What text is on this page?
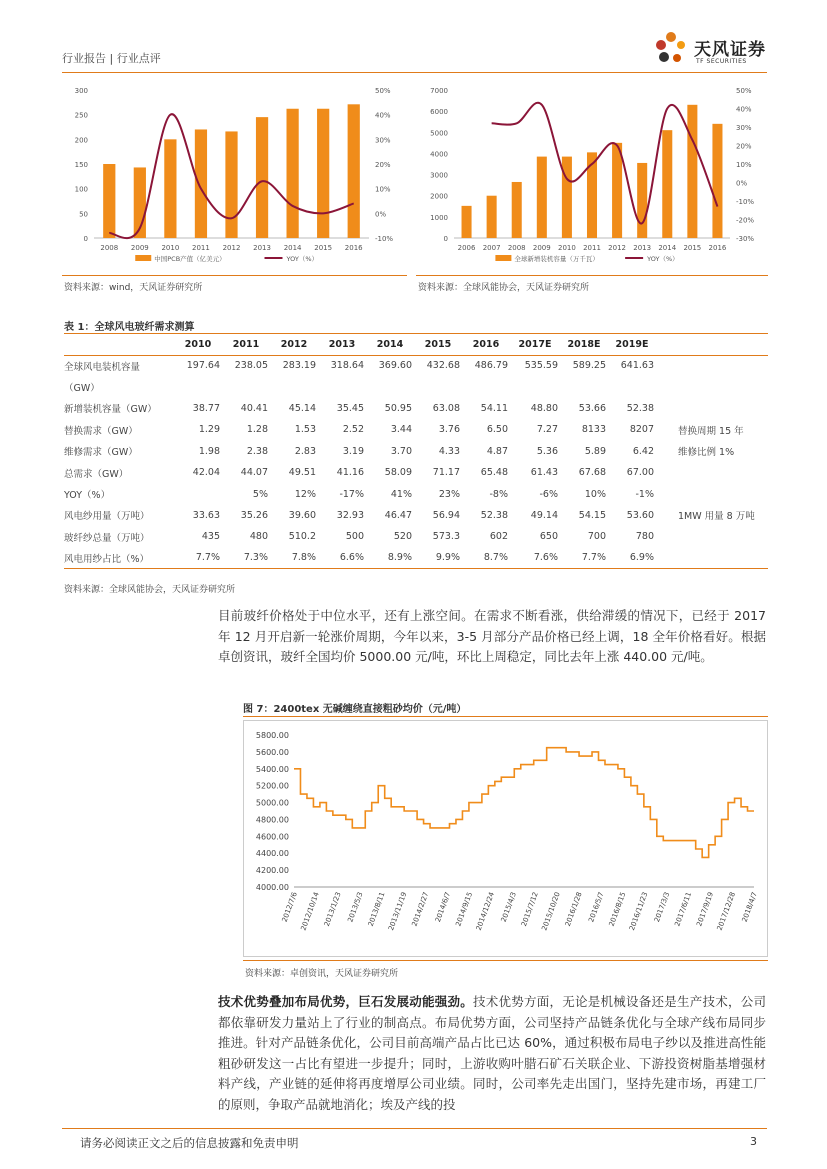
行业报告 | 行业点评	天风证券
TF SECURITIES
0
50
100
150
200
250
300
-10%
0%
10%
20%
30%
40%
50%
2008 2009 2010 2011 2012 2013 2014 2015 2016
中国PCB产值（亿美元）	YOY（%）
资料来源：wind，天风证券研究所
0
1000
2000
3000
4000
5000
6000
7000
-30%
-20%
-10%
0%
10%
20%
30%
40%
50%
2006 2007 2008 2009 2010 2011 2012 2013 2014 2015 2016
全球新增装机容量（万千瓦）	YOY（%）
资料来源：全球风能协会，天风证券研究所
表 1：全球风电玻纤需求测算
	2010	2011	2012	2013	2014	2015	2016	2017E	2018E	2019E	
全球风电装机容量	197.64	238.05	283.19	318.64	369.60	432.68	486.79	535.59	589.25	641.63	
（GW）											
新增装机容量（GW）	38.77	40.41	45.14	35.45	50.95	63.08	54.11	48.80	53.66	52.38	
替换需求（GW）	1.29	1.28	1.53	2.52	3.44	3.76	6.50	7.27	8133	8207	替换周期 15 年
维修需求（GW）	1.98	2.38	2.83	3.19	3.70	4.33	4.87	5.36	5.89	6.42	维修比例 1%
总需求（GW）	42.04	44.07	49.51	41.16	58.09	71.17	65.48	61.43	67.68	67.00	
YOY（%）		5%	12%	-17%	41%	23%	-8%	-6%	10%	-1%	
风电纱用量（万吨）	33.63	35.26	39.60	32.93	46.47	56.94	52.38	49.14	54.15	53.60	1MW 用量 8 万吨
玻纤纱总量（万吨）	435	480	510.2	500	520	573.3	602	650	700	780	
风电用纱占比（%）	7.7%	7.3%	7.8%	6.6%	8.9%	9.9%	8.7%	7.6%	7.7%	6.9%	
资料来源：全球风能协会，天风证券研究所
目前玻纤价格处于中位水平，还有上涨空间。在需求不断看涨，供给滞缓的情况下，已经于 2017 年 12 月开启新一轮涨价周期，今年以来，3-5 月部分产品价格已经上调，18 全年价格看好。根据卓创资讯，玻纤全国均价 5000.00 元/吨，环比上周稳定，同比去年上涨 440.00 元/吨。
图 7：2400tex 无碱缠绕直接粗砂均价（元/吨）
4000.00
4200.00
4400.00
4600.00
4800.00
5000.00
5200.00
5400.00
5600.00
5800.00
2012/7/6 2012/10/14 2013/1/23 2013/5/3 2013/8/11 2013/11/19 2014/2/27 2014/6/7 2014/9/15 2014/12/24 2015/4/3 2015/7/12 2015/10/20 2016/1/28 2016/5/7 2016/8/15 2016/11/23 2017/3/3 2017/6/11 2017/9/19 2017/12/28 2018/4/7
资料来源：卓创资讯，天风证券研究所
技术优势叠加布局优势，巨石发展动能强劲。技术优势方面，无论是机械设备还是生产技术，公司都依靠研发力量站上了行业的制高点。布局优势方面，公司坚持产品链条优化与全球产线布局同步推进。针对产品链条优化，公司目前高端产品占比已达 60%，通过积极布局电子纱以及推进高性能粗砂研发这一占比有望进一步提升；同时，上游收购叶腊石矿石关联企业、下游投资树脂基增强材料产线，产业链的延伸将再度增厚公司业绩。同时，公司率先走出国门，坚持先建市场，再建工厂的原则，争取产品就地消化；埃及产线的投
请务必阅读正文之后的信息披露和免责申明	3
